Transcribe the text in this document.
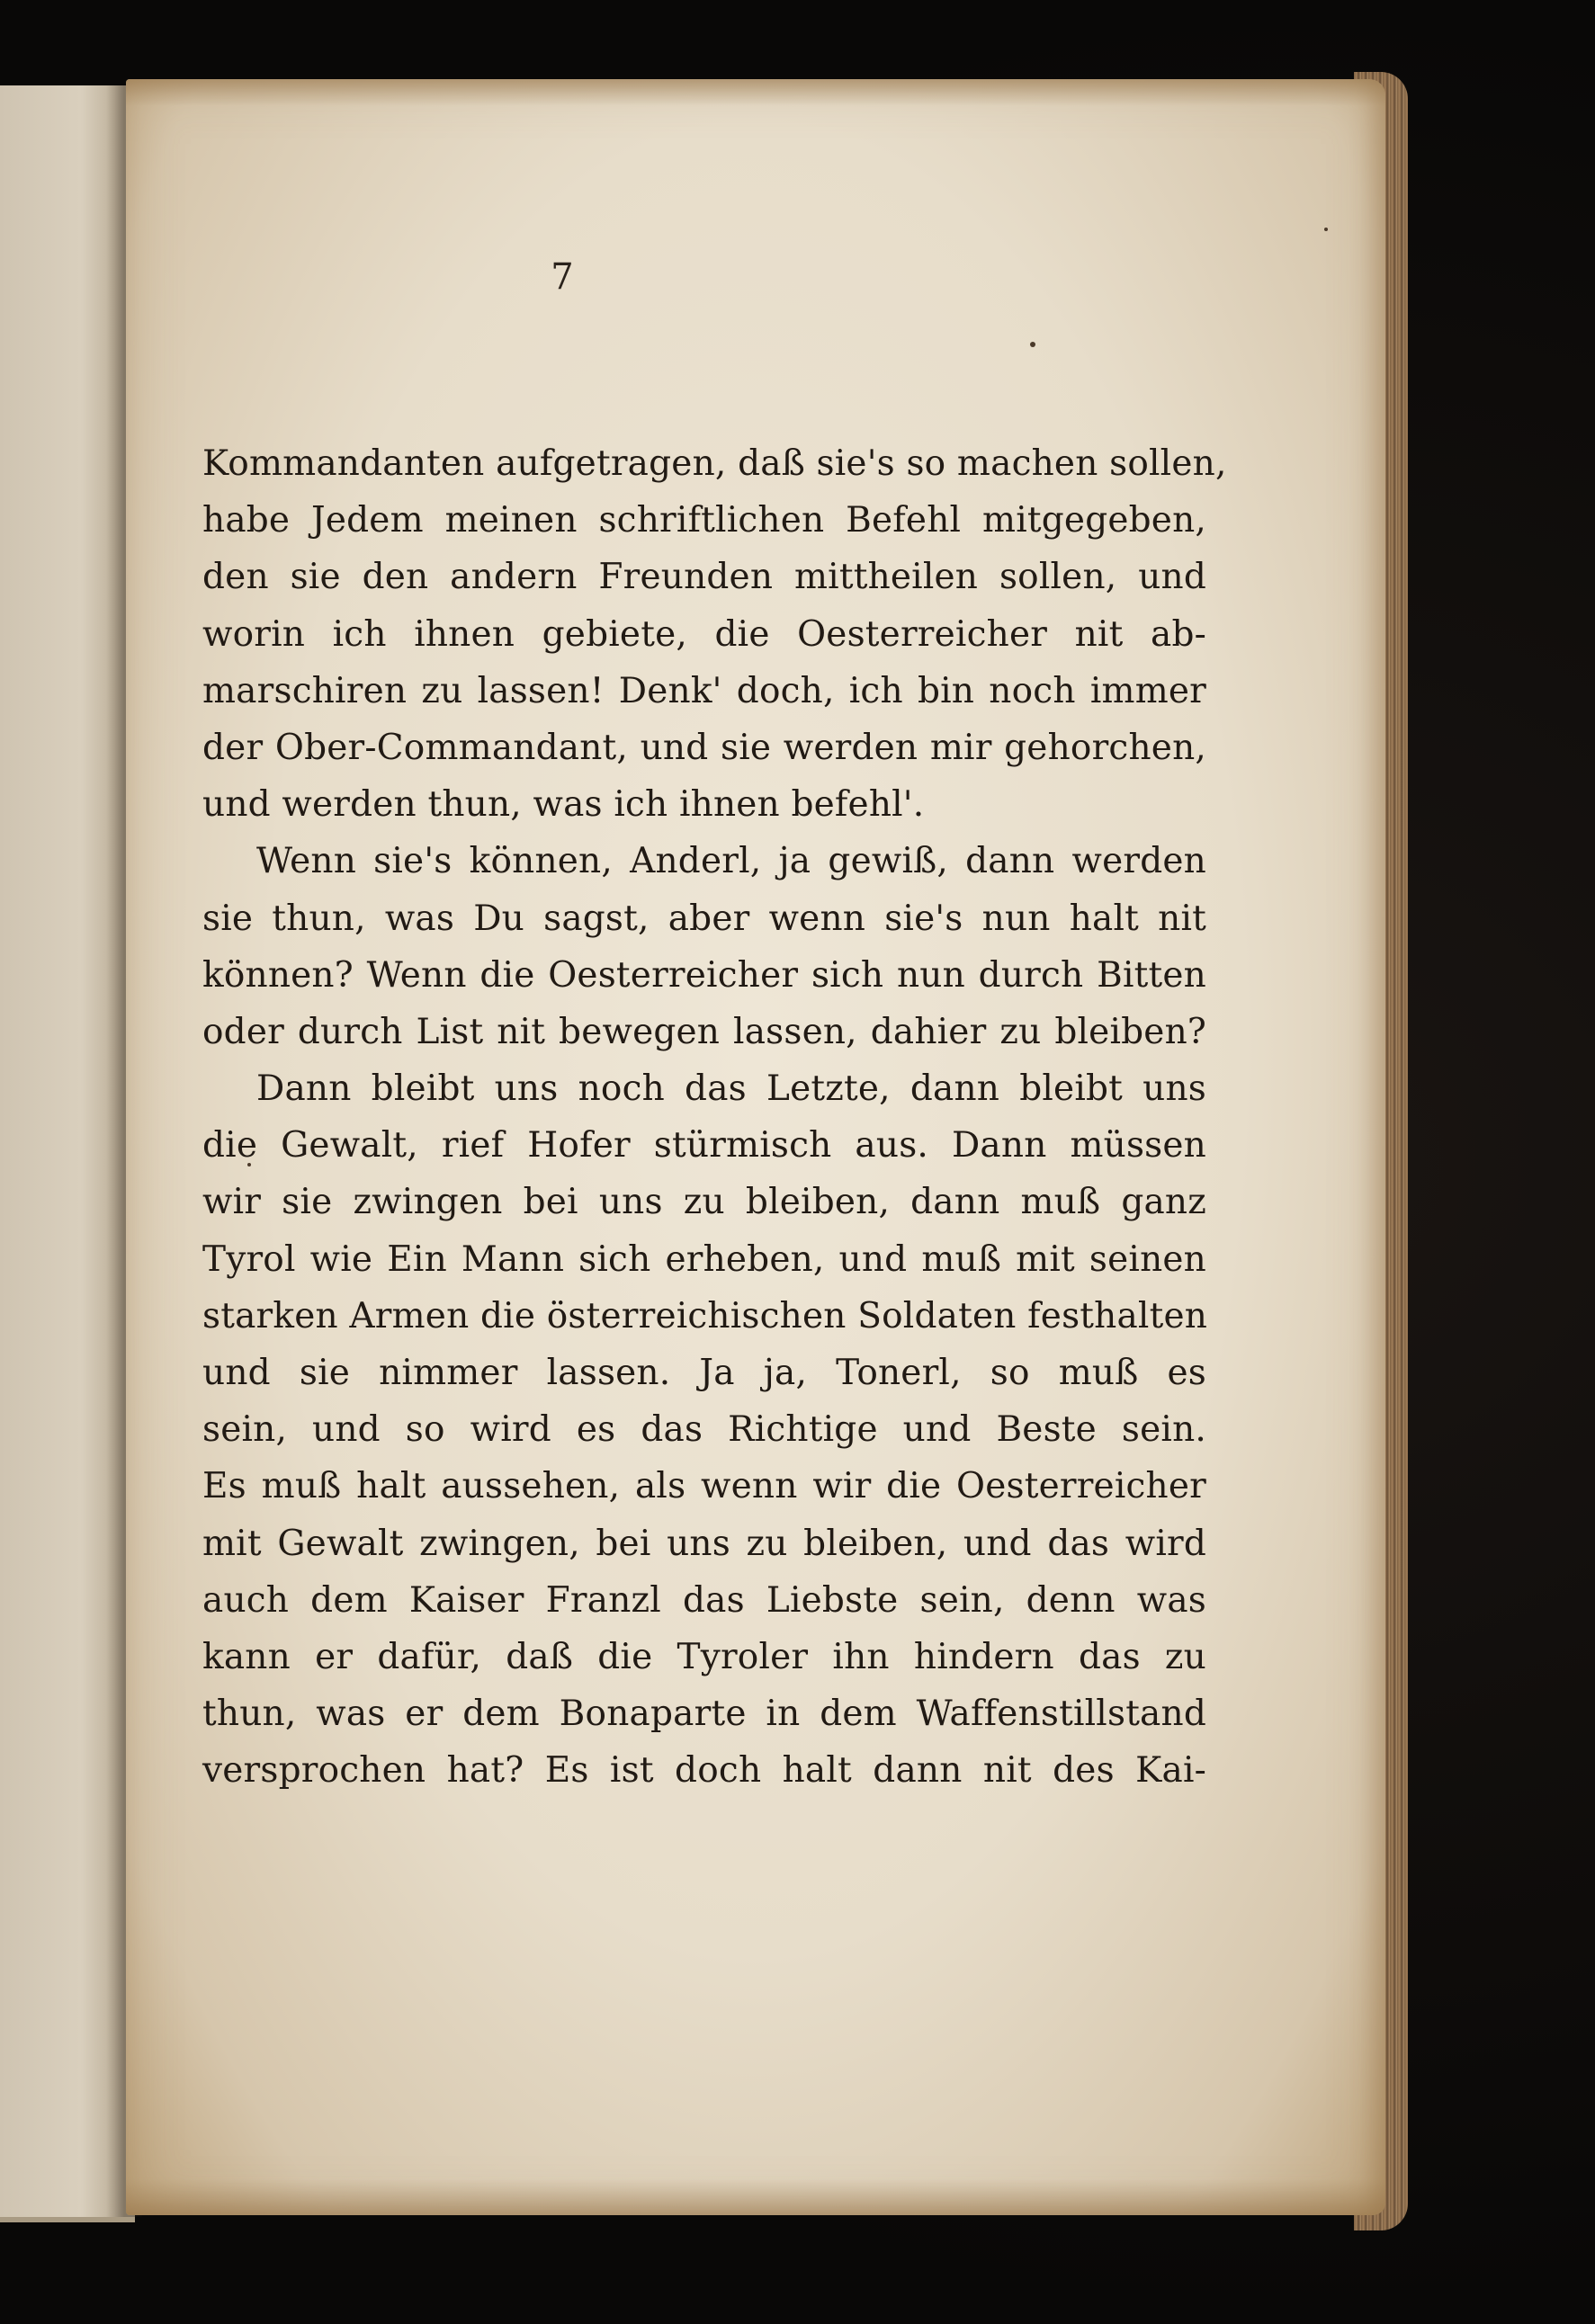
7
Kommandanten aufgetragen, daß sie's so machen sollen,
habe Jedem meinen schriftlichen Befehl mitgegeben,
den sie den andern Freunden mittheilen sollen, und
worin ich ihnen gebiete, die Oesterreicher nit ab-
marschiren zu lassen! Denk' doch, ich bin noch immer
der Ober-Commandant, und sie werden mir gehorchen,
und werden thun, was ich ihnen befehl'.
Wenn sie's können, Anderl, ja gewiß, dann werden
sie thun, was Du sagst, aber wenn sie's nun halt nit
können? Wenn die Oesterreicher sich nun durch Bitten
oder durch List nit bewegen lassen, dahier zu bleiben?
Dann bleibt uns noch das Letzte, dann bleibt uns
die Gewalt, rief Hofer stürmisch aus. Dann müssen
wir sie zwingen bei uns zu bleiben, dann muß ganz
Tyrol wie Ein Mann sich erheben, und muß mit seinen
starken Armen die österreichischen Soldaten festhalten
und sie nimmer lassen. Ja ja, Tonerl, so muß es
sein, und so wird es das Richtige und Beste sein.
Es muß halt aussehen, als wenn wir die Oesterreicher
mit Gewalt zwingen, bei uns zu bleiben, und das wird
auch dem Kaiser Franzl das Liebste sein, denn was
kann er dafür, daß die Tyroler ihn hindern das zu
thun, was er dem Bonaparte in dem Waffenstillstand
versprochen hat? Es ist doch halt dann nit des Kai-
